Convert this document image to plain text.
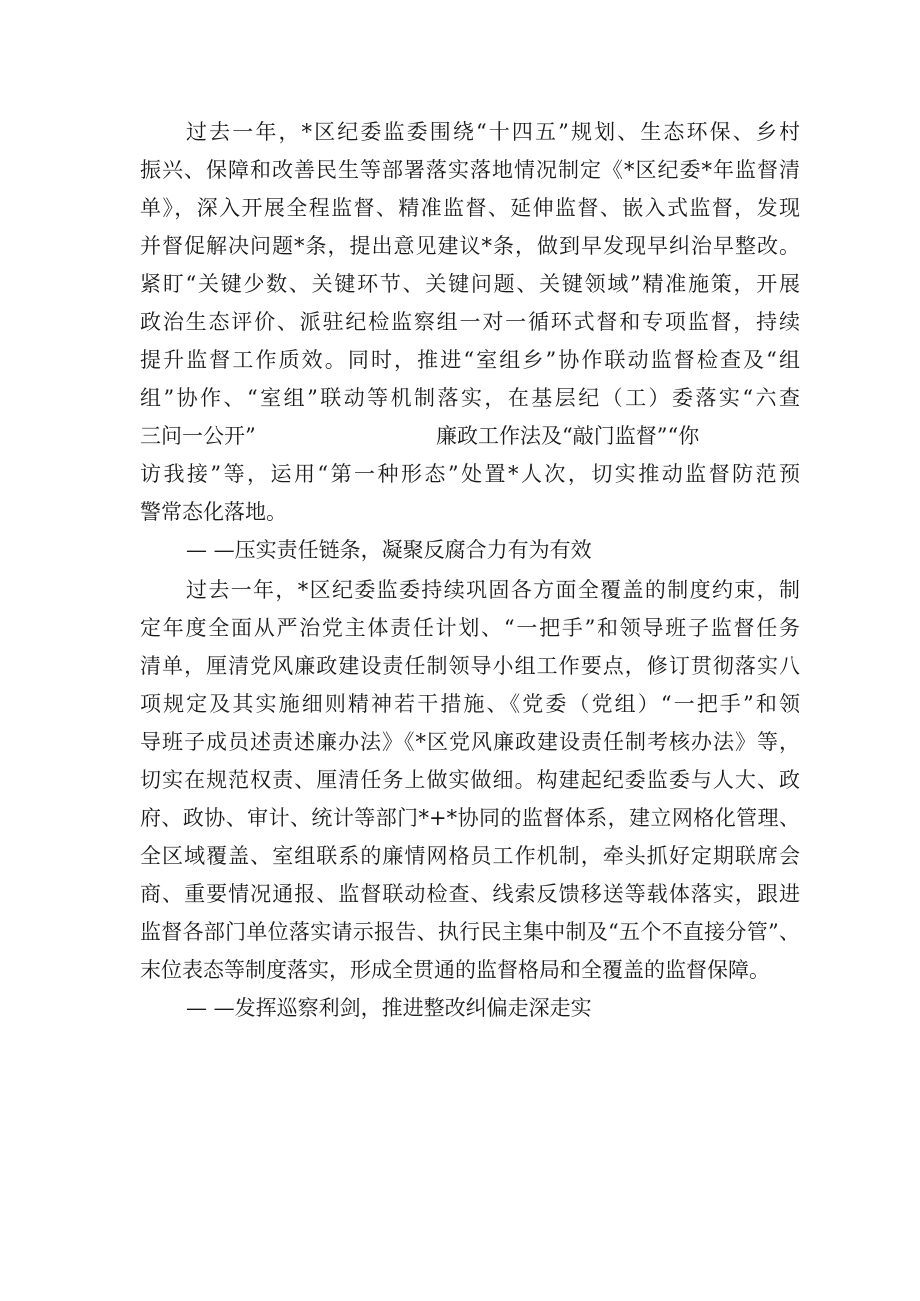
过去一年，*区纪委监委围绕“十四五”规划、生态环保、乡村
振兴、保障和改善民生等部署落实落地情况制定《*区纪委*年监督清
单》，深入开展全程监督、精准监督、延伸监督、嵌入式监督，发现
并督促解决问题*条，提出意见建议*条，做到早发现早纠治早整改。
紧盯“关键少数、关键环节、关键问题、关键领域”精准施策，开展
政治生态评价、派驻纪检监察组一对一循环式督和专项监督，持续
提升监督工作质效。同时，推进“室组乡”协作联动监督检查及“组
组”协作、“室组”联动等机制落实，在基层纪（工）委落实“六查
三问一公开”	廉政工作法及“敲门监督”“你
访我接”等，运用“第一种形态”处置*人次，切实推动监督防范预
警常态化落地。
— —压实责任链条，凝聚反腐合力有为有效
过去一年，*区纪委监委持续巩固各方面全覆盖的制度约束，制
定年度全面从严治党主体责任计划、“一把手”和领导班子监督任务
清单，厘清党风廉政建设责任制领导小组工作要点，修订贯彻落实八
项规定及其实施细则精神若干措施、《党委（党组）“一把手”和领
导班子成员述责述廉办法》《*区党风廉政建设责任制考核办法》等，
切实在规范权责、厘清任务上做实做细。构建起纪委监委与人大、政
府、政协、审计、统计等部门*+*协同的监督体系，建立网格化管理、
全区域覆盖、室组联系的廉情网格员工作机制，牵头抓好定期联席会
商、重要情况通报、监督联动检查、线索反馈移送等载体落实，跟进
监督各部门单位落实请示报告、执行民主集中制及“五个不直接分管”、
末位表态等制度落实，形成全贯通的监督格局和全覆盖的监督保障。
— —发挥巡察利剑，推进整改纠偏走深走实
